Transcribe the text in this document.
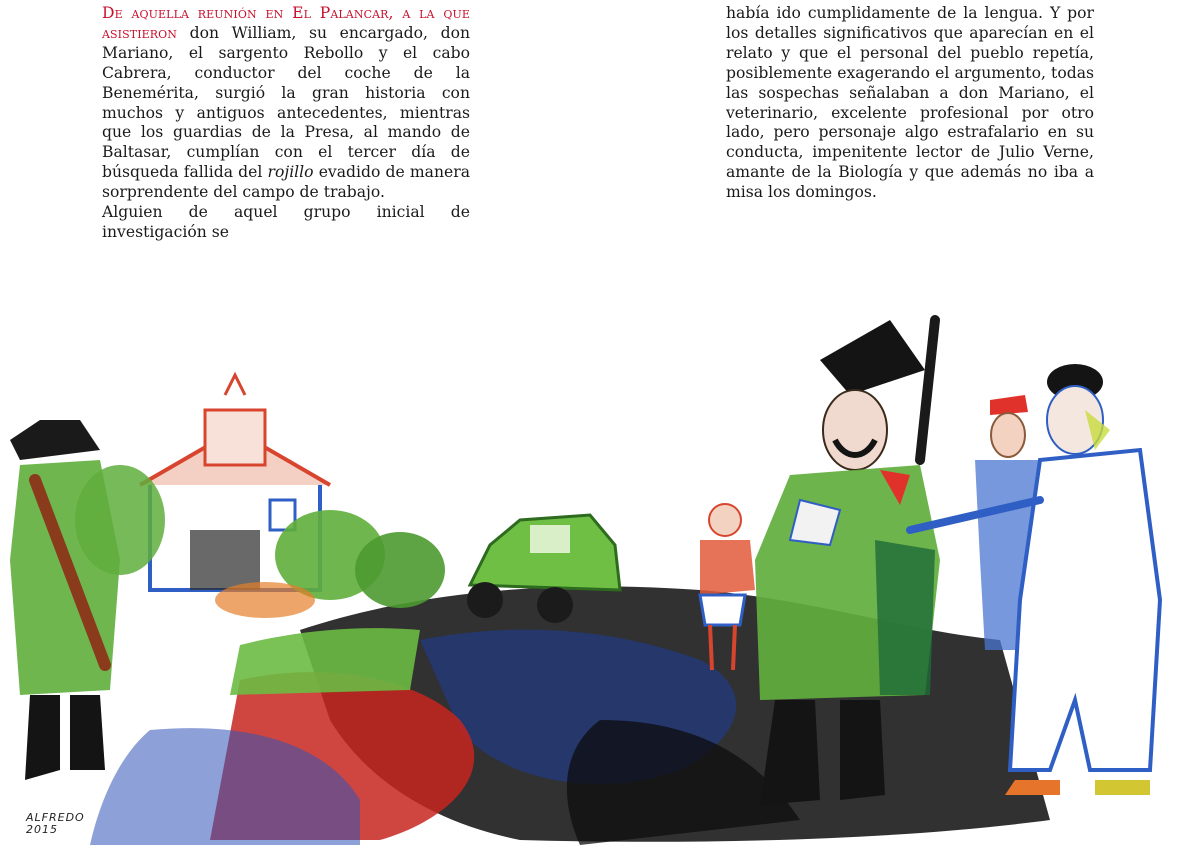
De aquella reunión en El Palancar, a la que asistieron don William, su encargado, don Mariano, el sargento Rebollo y el cabo Cabrera, conductor del coche de la Benemérita, surgió la gran historia con muchos y antiguos antecedentes, mientras que los guardias de la Presa, al mando de Baltasar, cumplían con el tercer día de búsqueda fallida del rojillo evadido de manera sorprendente del campo de trabajo.

Alguien de aquel grupo inicial de investigación se

había ido cumplidamente de la lengua. Y por los detalles significativos que aparecían en el relato y que el personal del pueblo repetía, posiblemente exagerando el argumento, todas las sospechas señalaban a don Mariano, el veterinario, excelente profesional por otro lado, pero personaje algo estrafalario en su conducta, impenitente lector de Julio Verne, amante de la Biología y que además no iba a misa los domingos.

ALFREDO
2015
